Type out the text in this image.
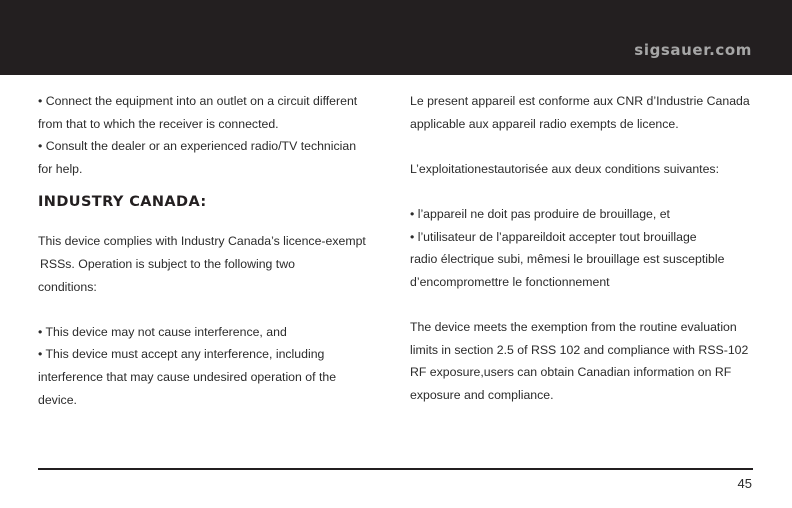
sigsauer.com
• Connect the equipment into an outlet on a circuit different
from that to which the receiver is connected.
• Consult the dealer or an experienced radio/TV technician
for help.
INDUSTRY CANADA:
This device complies with Industry Canada’s licence-exempt
RSSs. Operation is subject to the following two
conditions:
• This device may not cause interference, and
• This device must accept any interference, including
interference that may cause undesired operation of the
device.
Le present appareil est conforme aux CNR d’Industrie Canada
applicable aux appareil radio exempts de licence.
L’exploitationestautorisée aux deux conditions suivantes:
• l’appareil ne doit pas produire de brouillage, et
• l’utilisateur de l’appareildoit accepter tout brouillage
radio électrique subi, mêmesi le brouillage est susceptible
d’encompromettre le fonctionnement
The device meets the exemption from the routine evaluation
limits in section 2.5 of RSS 102 and compliance with RSS-102
RF exposure,users can obtain Canadian information on RF
exposure and compliance.
45
